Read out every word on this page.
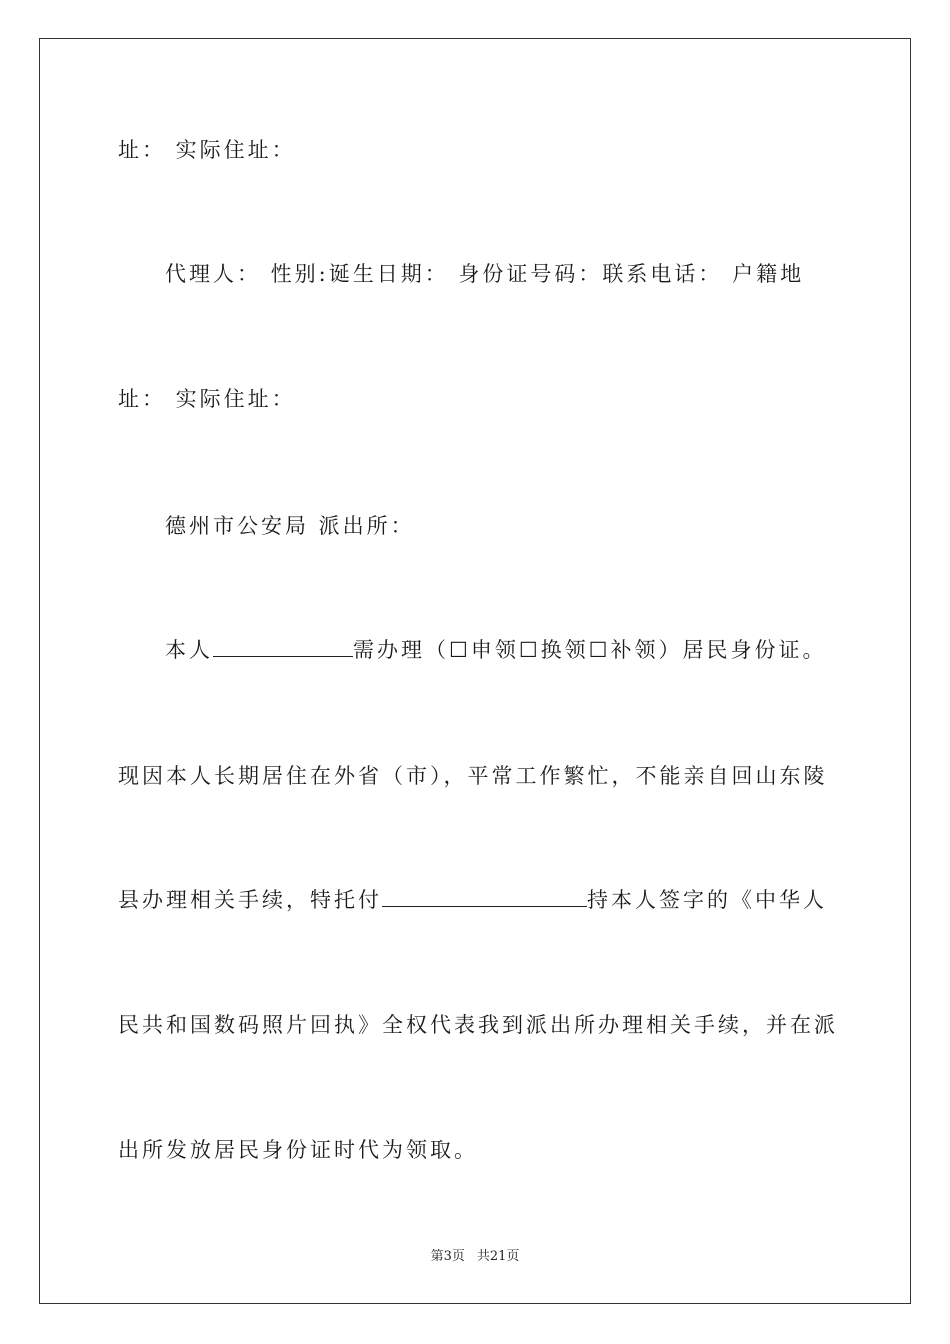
址： 实际住址：
代理人： 性别:诞生日期： 身份证号码：联系电话： 户籍地
址： 实际住址：
德州市公安局 派出所：
本人	需办理（☐申领☐换领☐补领）居民身份证。
现因本人长期居住在外省（市），平常工作繁忙，不能亲自回山东陵
县办理相关手续，特托付	持本人签字的《中华人
民共和国数码照片回执》全权代表我到派出所办理相关手续，并在派
出所发放居民身份证时代为领取。
第3页 共21页
